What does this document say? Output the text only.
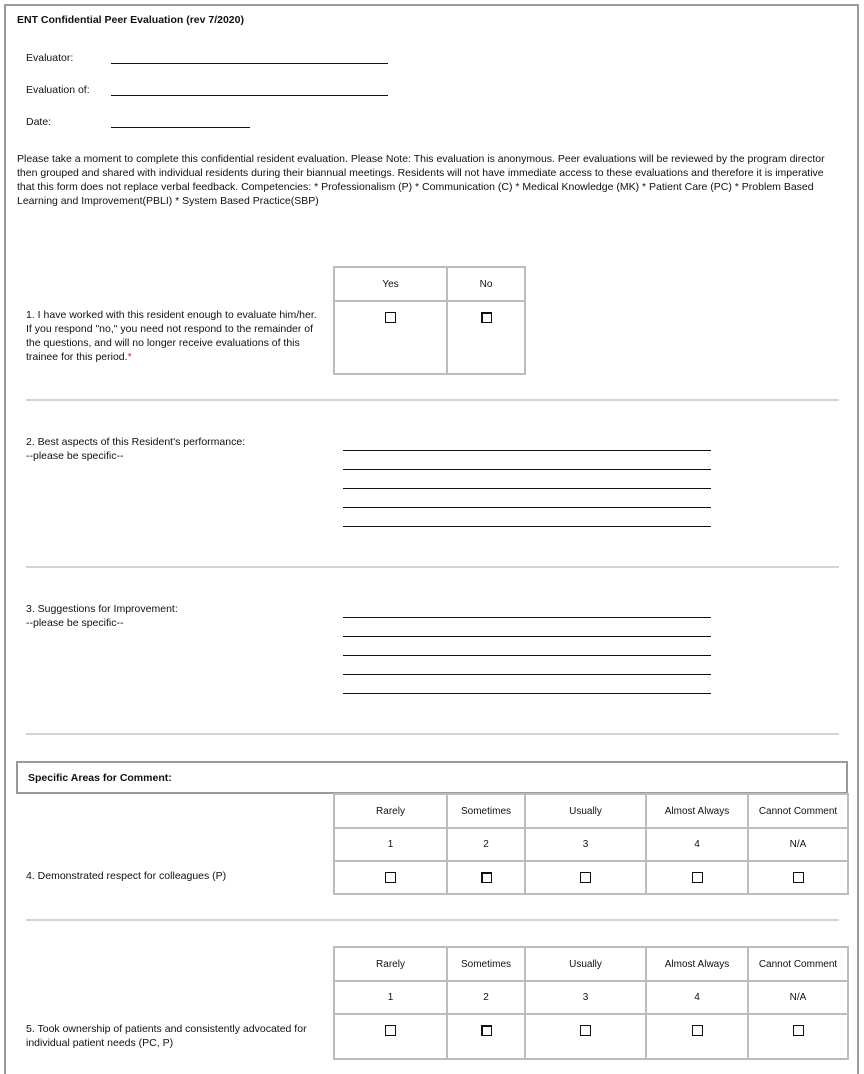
ENT Confidential Peer Evaluation (rev 7/2020)
Evaluator:
Evaluation of:
Date:
Please take a moment to complete this confidential resident evaluation. Please Note: This evaluation is anonymous. Peer evaluations will be reviewed by the program director then grouped and shared with individual residents during their biannual meetings. Residents will not have immediate access to these evaluations and therefore it is imperative that this form does not replace verbal feedback. Competencies: * Professionalism (P) * Communication (C) * Medical Knowledge (MK) * Patient Care (PC) * Problem Based Learning and Improvement(PBLI) * System Based Practice(SBP)
Yes	No

1. I have worked with this resident enough to evaluate him/her. If you respond "no," you need not respond to the remainder of the questions, and will no longer receive evaluations of this trainee for this period.*
2. Best aspects of this Resident's performance:
--please be specific--
3. Suggestions for Improvement:
--please be specific--
Specific Areas for Comment:
Rarely	Sometimes	Usually	Almost Always	Cannot Comment
1	2	3	4	N/A

4. Demonstrated respect for colleagues (P)
Rarely	Sometimes	Usually	Almost Always	Cannot Comment
1	2	3	4	N/A

5. Took ownership of patients and consistently advocated for individual patient needs (PC, P)
